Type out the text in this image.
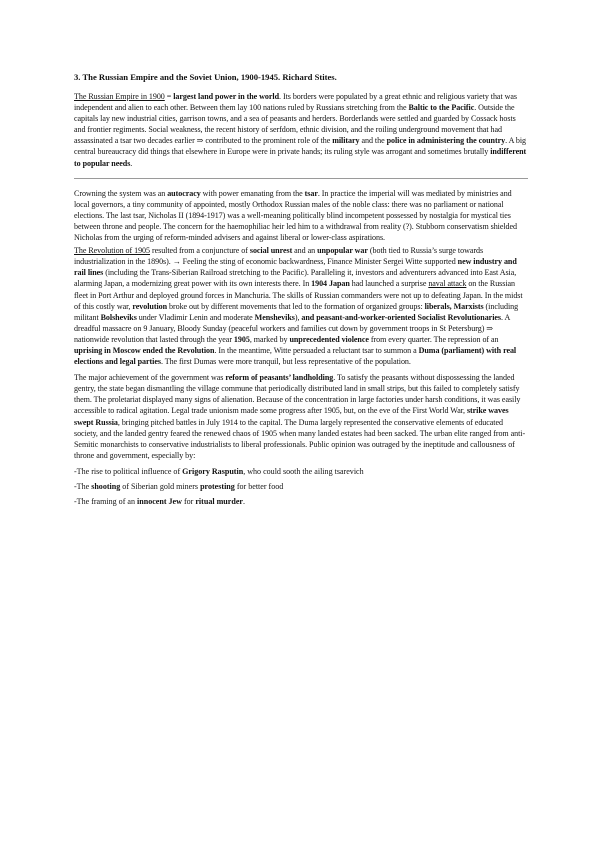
3. The Russian Empire and the Soviet Union, 1900-1945. Richard Stites.

The Russian Empire in 1900 = largest land power in the world. Its borders were populated by a great ethnic and religious variety that was independent and alien to each other. Between them lay 100 nations ruled by Russians stretching from the Baltic to the Pacific. Outside the capitals lay new industrial cities, garrison towns, and a sea of peasants and herders. Borderlands were settled and guarded by Cossack hosts and frontier regiments. Social weakness, the recent history of serfdom, ethnic division, and the roiling underground movement that had assassinated a tsar two decades earlier ⇒ contributed to the prominent role of the military and the police in administering the country. A big central bureaucracy did things that elsewhere in Europe were in private hands; its ruling style was arrogant and sometimes brutally indifferent to popular needs.

Crowning the system was an autocracy with power emanating from the tsar. In practice the imperial will was mediated by ministries and local governors, a tiny community of appointed, mostly Orthodox Russian males of the noble class: there was no parliament or national elections. The last tsar, Nicholas II (1894-1917) was a well-meaning politically blind incompetent possessed by nostalgia for mystical ties between throne and people. The concern for the haemophiliac heir led him to a withdrawal from reality (?). Stubborn conservatism shielded Nicholas from the urging of reform-minded advisers and against liberal or lower-class aspirations.

The Revolution of 1905 resulted from a conjuncture of social unrest and an unpopular war (both tied to Russia’s surge towards industrialization in the 1890s). → Feeling the sting of economic backwardness, Finance Minister Sergei Witte supported new industry and rail lines (including the Trans-Siberian Railroad stretching to the Pacific). Paralleling it, investors and adventurers advanced into East Asia, alarming Japan, a modernizing great power with its own interests there. In 1904 Japan had launched a surprise naval attack on the Russian fleet in Port Arthur and deployed ground forces in Manchuria. The skills of Russian commanders were not up to defeating Japan. In the midst of this costly war, revolution broke out by different movements that led to the formation of organized groups: liberals, Marxists (including militant Bolsheviks under Vladimir Lenin and moderate Mensheviks), and peasant-and-worker-oriented Socialist Revolutionaries. A dreadful massacre on 9 January, Bloody Sunday (peaceful workers and families cut down by government troops in St Petersburg) ⇒ nationwide revolution that lasted through the year 1905, marked by unprecedented violence from every quarter. The repression of an uprising in Moscow ended the Revolution. In the meantime, Witte persuaded a reluctant tsar to summon a Duma (parliament) with real elections and legal parties. The first Dumas were more tranquil, but less representative of the population.

The major achievement of the government was reform of peasants’ landholding. To satisfy the peasants without dispossessing the landed gentry, the state began dismantling the village commune that periodically distributed land in small strips, but this failed to completely satisfy them. The proletariat displayed many signs of alienation. Because of the concentration in large factories under harsh conditions, it was easily accessible to radical agitation. Legal trade unionism made some progress after 1905, but, on the eve of the First World War, strike waves swept Russia, bringing pitched battles in July 1914 to the capital. The Duma largely represented the conservative elements of educated society, and the landed gentry feared the renewed chaos of 1905 when many landed estates had been sacked. The urban elite ranged from anti-Semitic monarchists to conservative industrialists to liberal professionals. Public opinion was outraged by the ineptitude and callousness of throne and government, especially by:

-The rise to political influence of Grigory Rasputin, who could sooth the ailing tsarevich
-The shooting of Siberian gold miners protesting for better food
-The framing of an innocent Jew for ritual murder.
